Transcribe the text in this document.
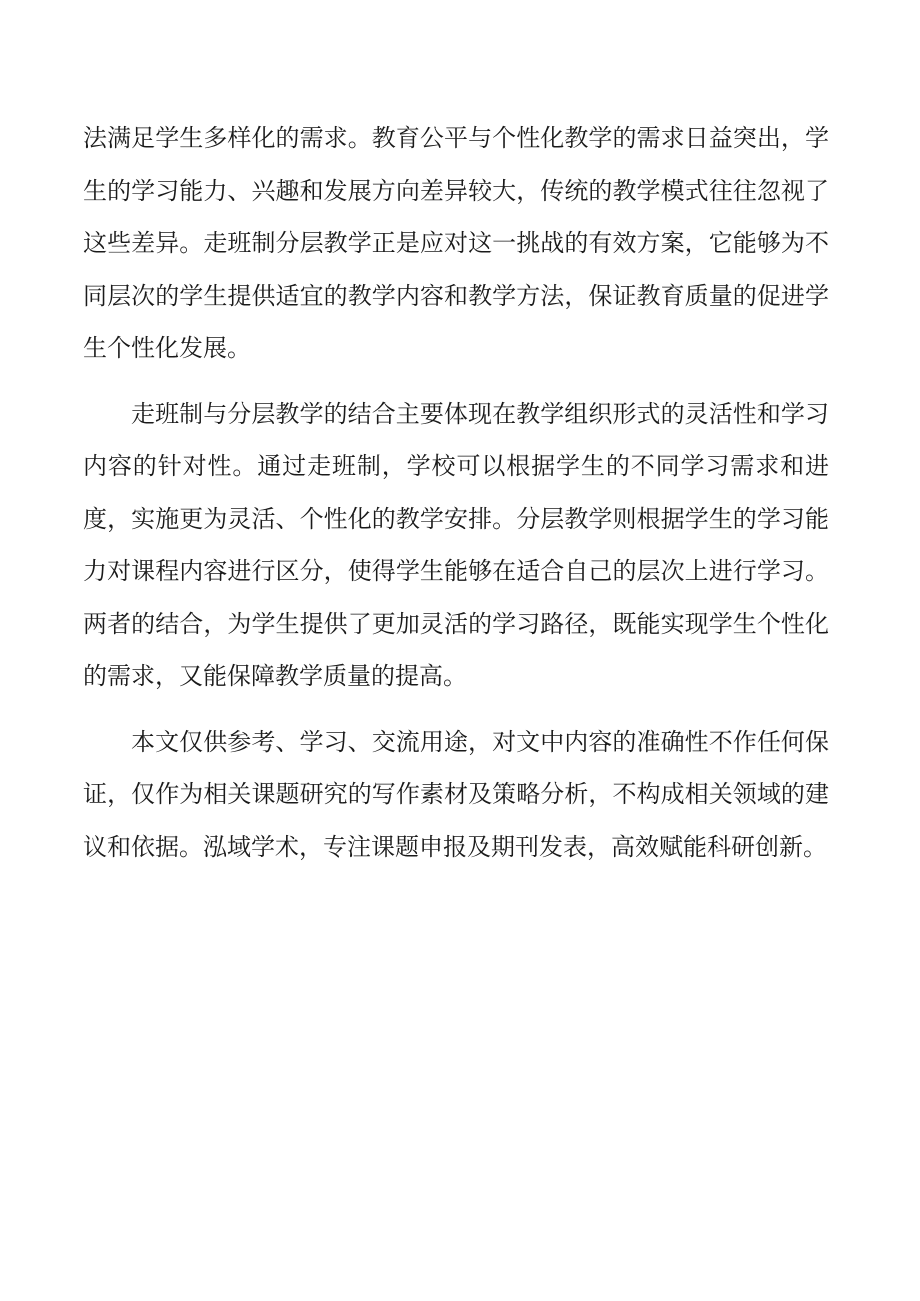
法满足学生多样化的需求。教育公平与个性化教学的需求日益突出，学生的学习能力、兴趣和发展方向差异较大，传统的教学模式往往忽视了这些差异。走班制分层教学正是应对这一挑战的有效方案，它能够为不同层次的学生提供适宜的教学内容和教学方法，保证教育质量的促进学生个性化发展。

走班制与分层教学的结合主要体现在教学组织形式的灵活性和学习内容的针对性。通过走班制，学校可以根据学生的不同学习需求和进度，实施更为灵活、个性化的教学安排。分层教学则根据学生的学习能力对课程内容进行区分，使得学生能够在适合自己的层次上进行学习。两者的结合，为学生提供了更加灵活的学习路径，既能实现学生个性化的需求，又能保障教学质量的提高。

本文仅供参考、学习、交流用途，对文中内容的准确性不作任何保证，仅作为相关课题研究的写作素材及策略分析，不构成相关领域的建议和依据。泓域学术，专注课题申报及期刊发表，高效赋能科研创新。
